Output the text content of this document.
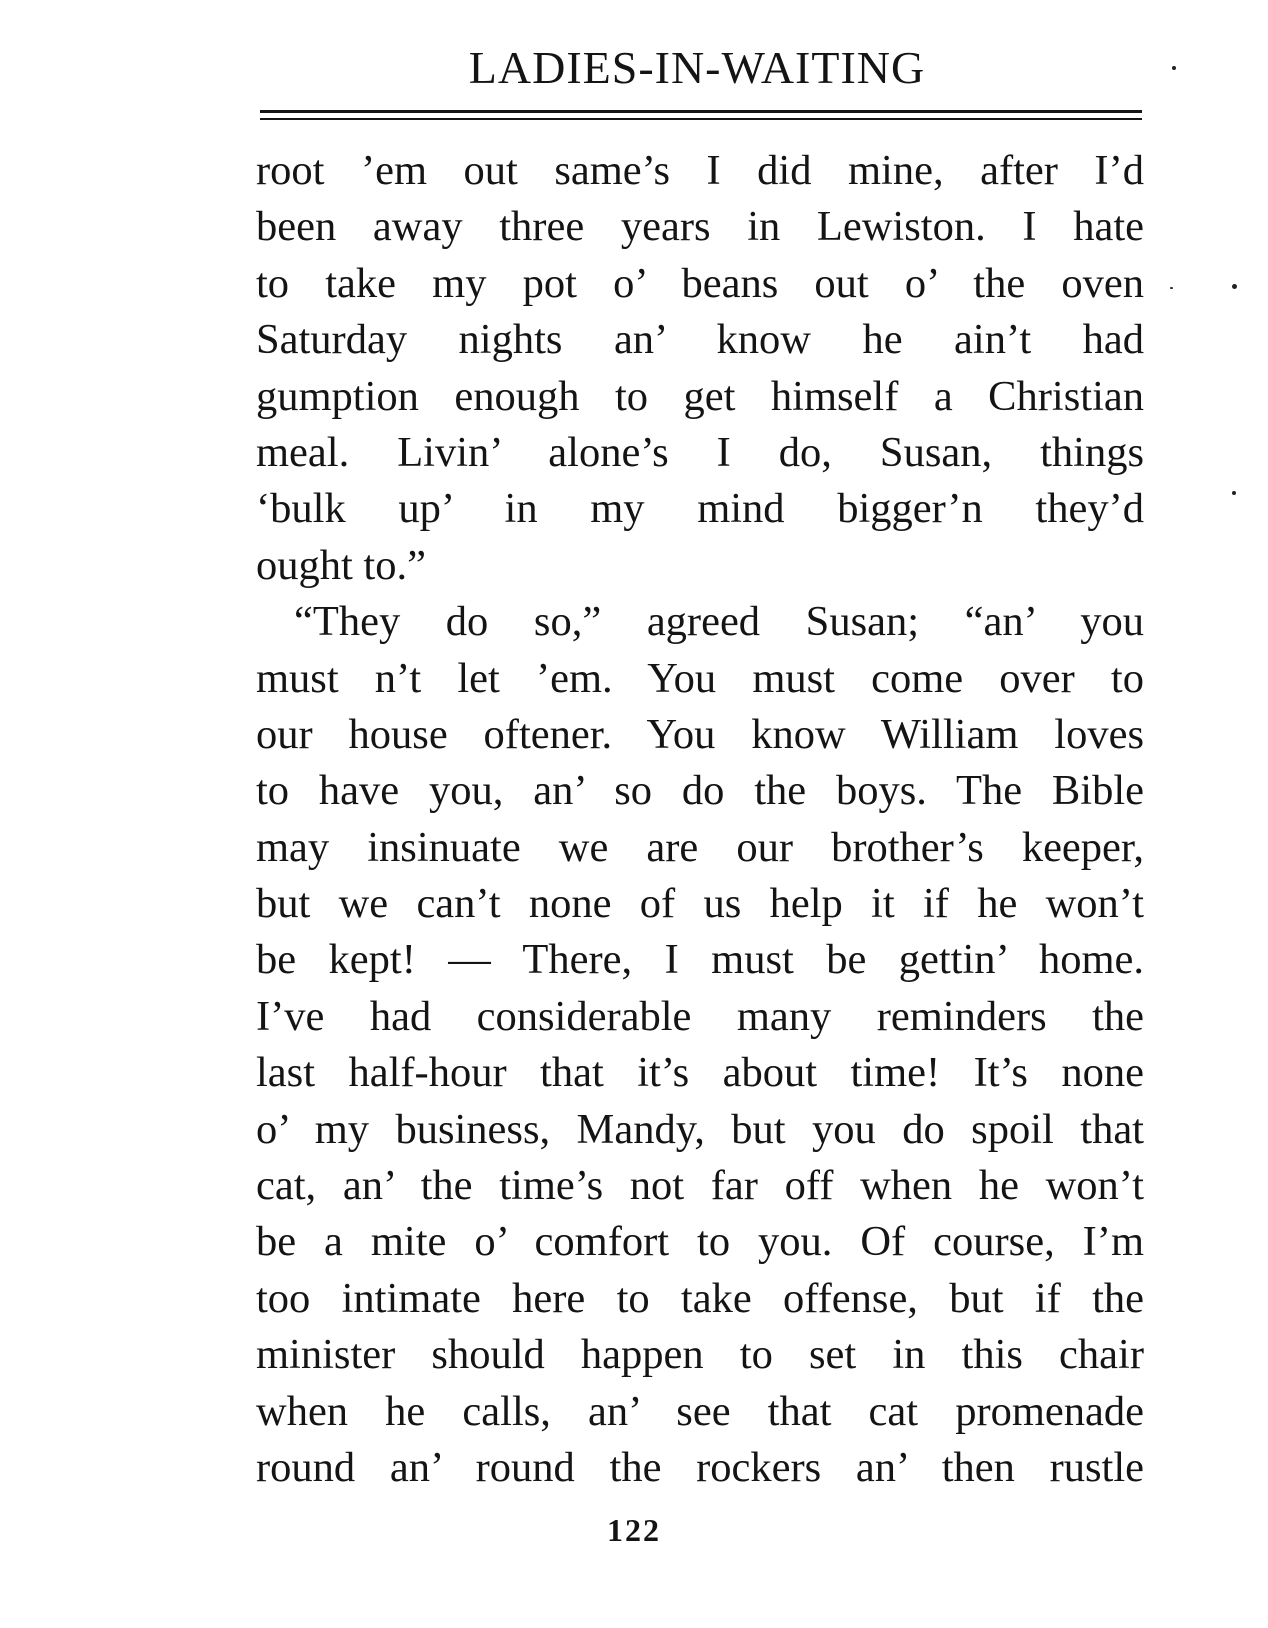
LADIES-IN-WAITING
root ’em out same’s I did mine, after I’d
been away three years in Lewiston. I hate
to take my pot o’ beans out o’ the oven
Saturday nights an’ know he ain’t had
gumption enough to get himself a Christian
meal. Livin’ alone’s I do, Susan, things
‘bulk up’ in my mind bigger’n they’d
ought to.”
“They do so,” agreed Susan; “an’ you
must n’t let ’em. You must come over to
our house oftener. You know William loves
to have you, an’ so do the boys. The Bible
may insinuate we are our brother’s keeper,
but we can’t none of us help it if he won’t
be kept! — There, I must be gettin’ home.
I’ve had considerable many reminders the
last half-hour that it’s about time! It’s none
o’ my business, Mandy, but you do spoil that
cat, an’ the time’s not far off when he won’t
be a mite o’ comfort to you. Of course, I’m
too intimate here to take offense, but if the
minister should happen to set in this chair
when he calls, an’ see that cat promenade
round an’ round the rockers an’ then rustle
122
